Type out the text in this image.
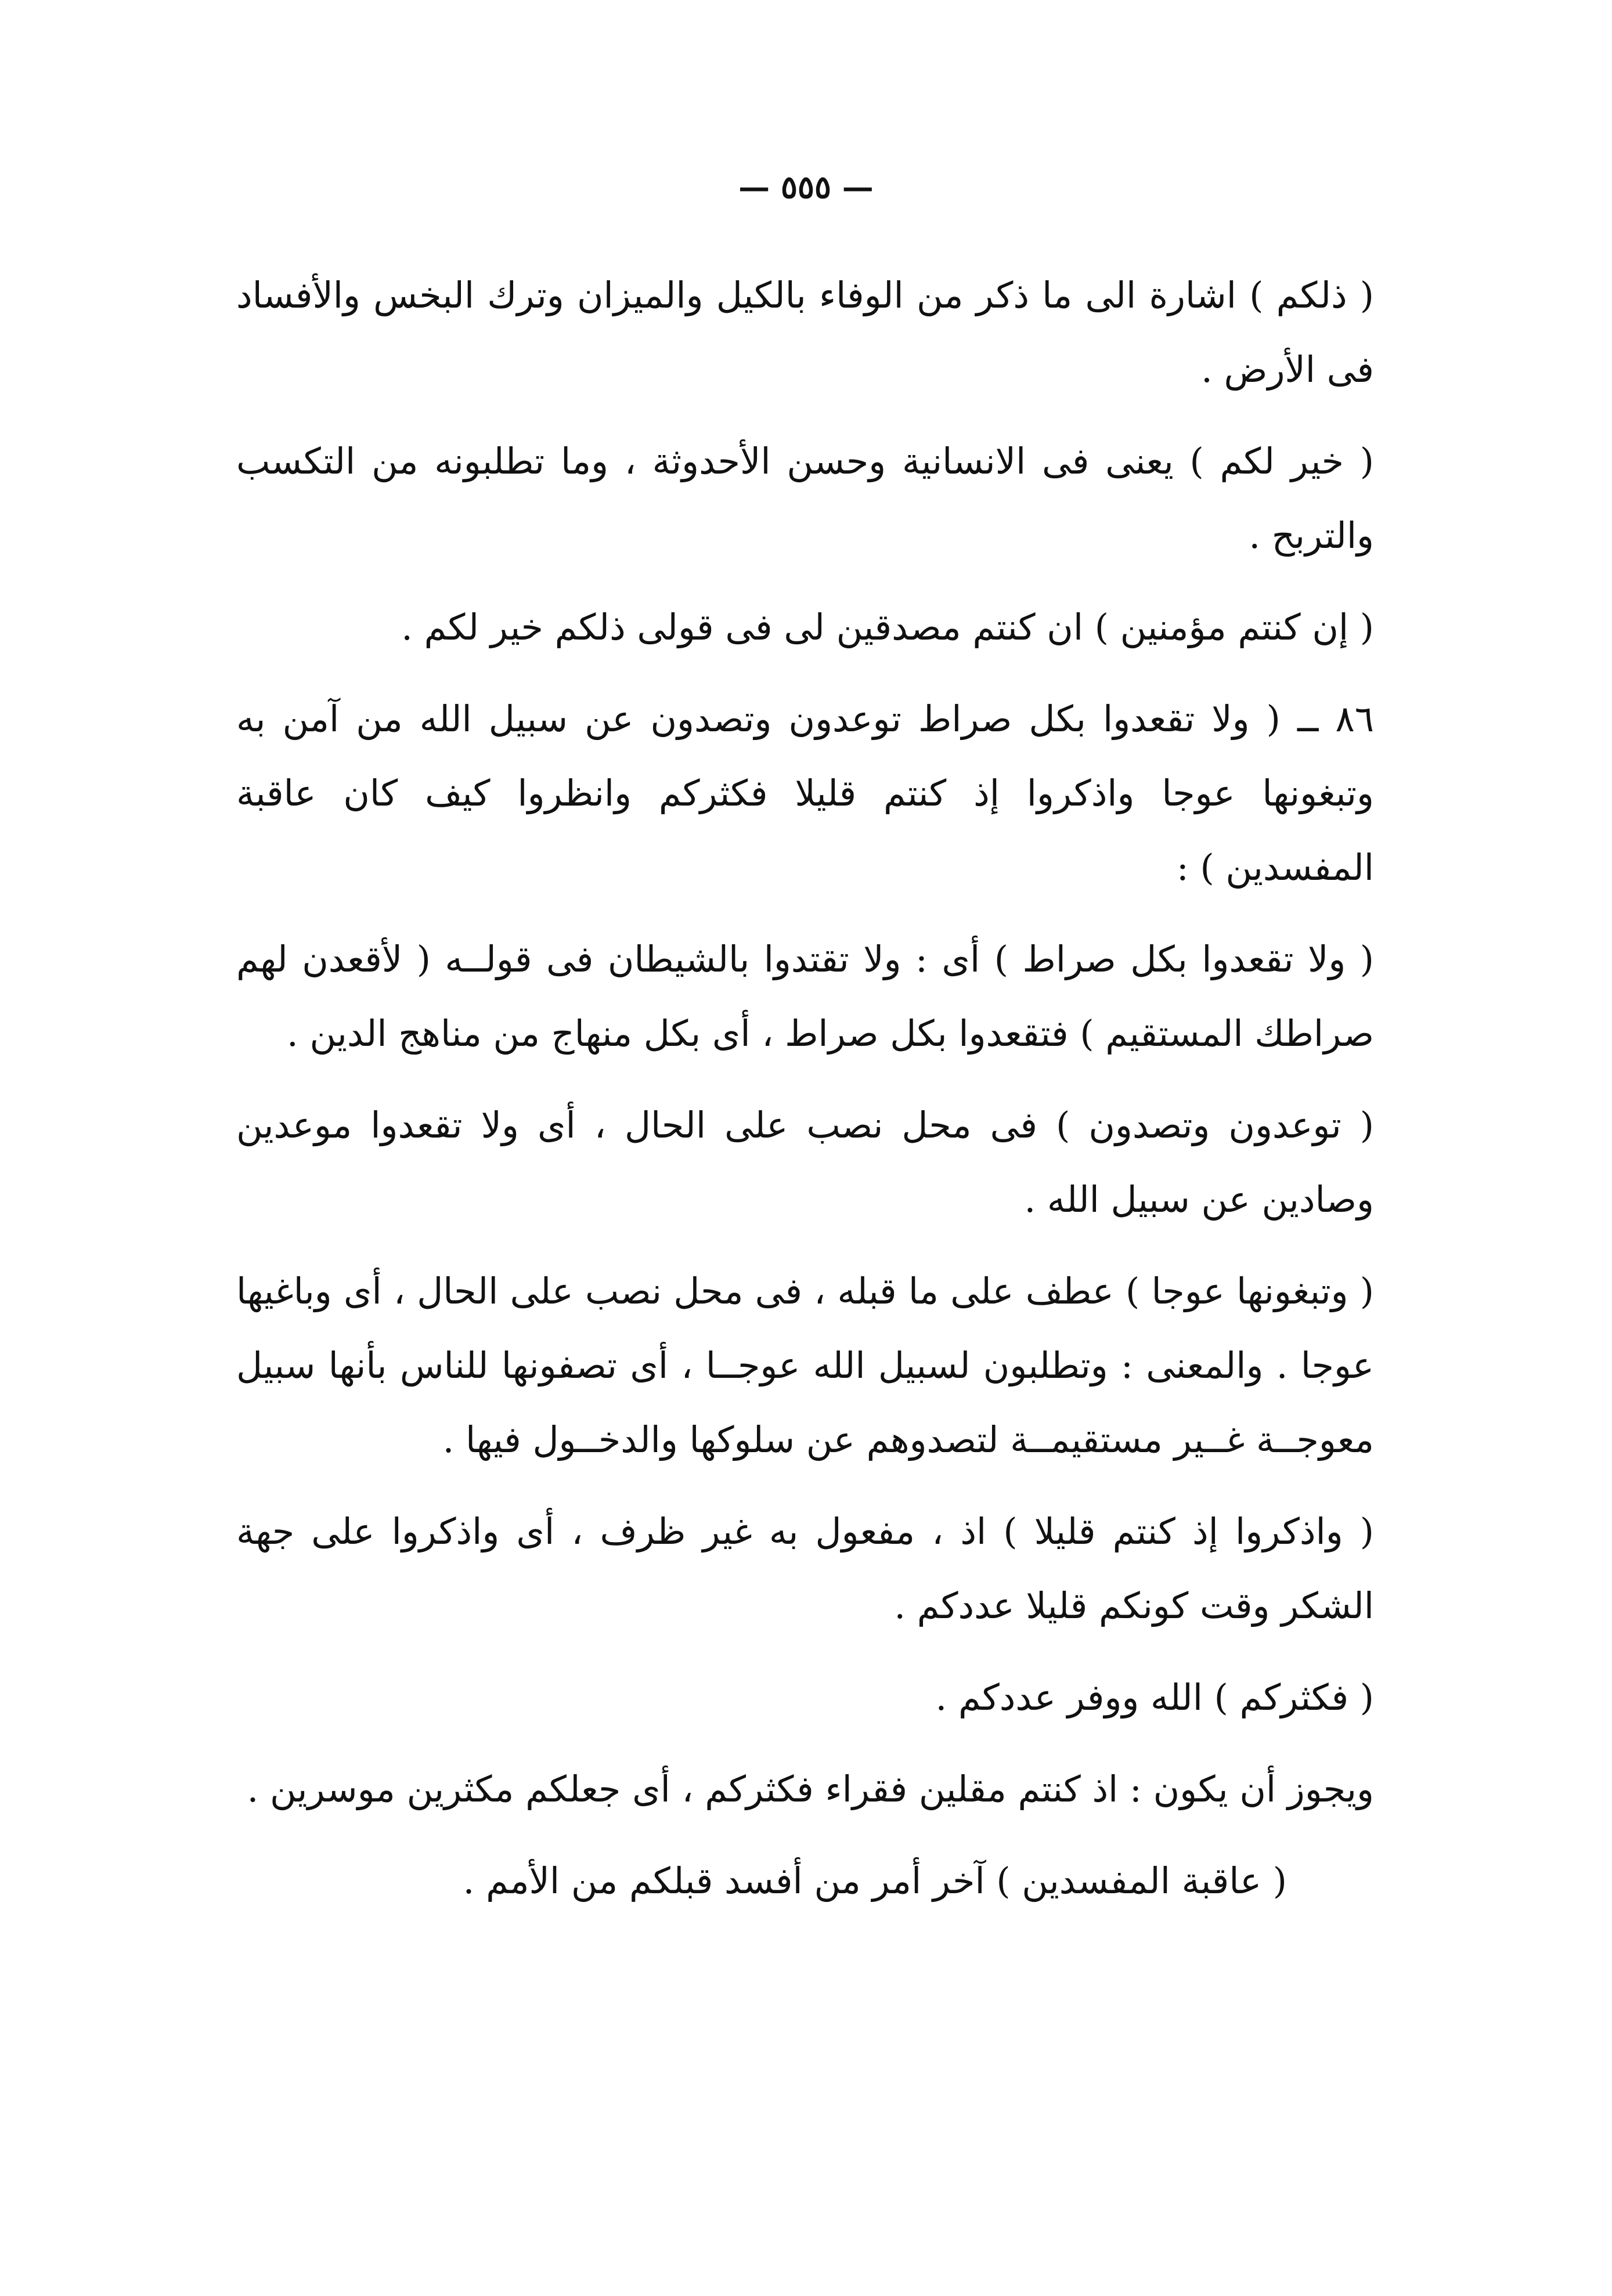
— ٥٥٥ —

( ذلكم ) اشارة الى ما ذكر من الوفاء بالكيل والميزان وترك البخس والأفساد فى الأرض .

( خير لكم ) يعنى فى الانسانية وحسن الأحدوثة ، وما تطلبونه من التكسب والتربح .

( إن كنتم مؤمنين ) ان كنتم مصدقين لى فى قولى ذلكم خير لكم .

٨٦ ــ ( ولا تقعدوا بكل صراط توعدون وتصدون عن سبيل الله من آمن به وتبغونها عوجا واذكروا إذ كنتم قليلا فكثركم وانظروا كيف كان عاقبة المفسدين ) :

( ولا تقعدوا بكل صراط ) أى : ولا تقتدوا بالشيطان فى قولــه ( لأقعدن لهم صراطك المستقيم ) فتقعدوا بكل صراط ، أى بكل منهاج من مناهج الدين .

( توعدون وتصدون ) فى محل نصب على الحال ، أى ولا تقعدوا موعدين وصادين عن سبيل الله .

( وتبغونها عوجا ) عطف على ما قبله ، فى محل نصب على الحال ، أى وباغيها عوجا . والمعنى : وتطلبون لسبيل الله عوجــا ، أى تصفونها للناس بأنها سبيل معوجــة غــير مستقيمــة لتصدوهم عن سلوكها والدخــول فيها .

( واذكروا إذ كنتم قليلا ) اذ ، مفعول به غير ظرف ، أى واذكروا على جهة الشكر وقت كونكم قليلا عددكم .

( فكثركم ) الله ووفر عددكم .

ويجوز أن يكون : اذ كنتم مقلين فقراء فكثركم ، أى جعلكم مكثرين موسرين .

( عاقبة المفسدين ) آخر أمر من أفسد قبلكم من الأمم .
